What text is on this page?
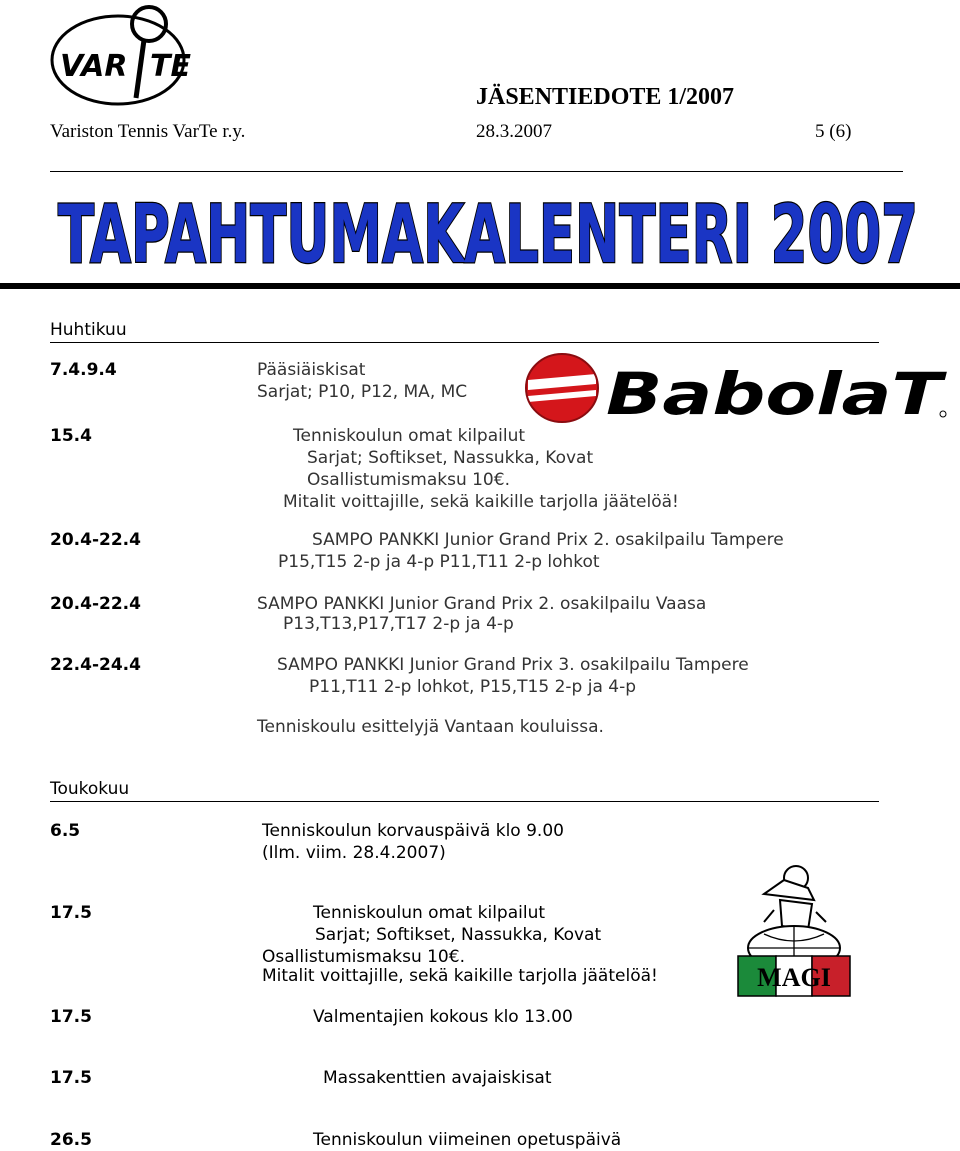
VAR TE
JÄSENTIEDOTE 1/2007
Variston Tennis VarTe r.y.	28.3.2007	5 (6)
TAPAHTUMAKALENTERI 2007
Huhtikuu
7.4.9.4	Pääsiäiskisat
Sarjat; P10, P12, MA, MC
15.4	Tenniskoulun omat kilpailut
Sarjat; Softikset, Nassukka, Kovat
Osallistumismaksu 10€.
Mitalit voittajille, sekä kaikille tarjolla jäätelöä!
20.4-22.4	SAMPO PANKKI Junior Grand Prix 2. osakilpailu Tampere
P15,T15 2-p ja 4-p P11,T11 2-p lohkot
20.4-22.4	SAMPO PANKKI Junior Grand Prix 2. osakilpailu Vaasa
P13,T13,P17,T17 2-p ja 4-p
22.4-24.4	SAMPO PANKKI Junior Grand Prix 3. osakilpailu Tampere
P11,T11 2-p lohkot, P15,T15 2-p ja 4-p
Tenniskoulu esittelyjä Vantaan kouluissa.
Toukokuu
6.5	Tenniskoulun korvauspäivä klo 9.00
(Ilm. viim. 28.4.2007)
17.5	Tenniskoulun omat kilpailut
Sarjat; Softikset, Nassukka, Kovat
Osallistumismaksu 10€.
Mitalit voittajille, sekä kaikille tarjolla jäätelöä!
17.5	Valmentajien kokous klo 13.00
17.5	Massakenttien avajaiskisat
26.5	Tenniskoulun viimeinen opetuspäivä
BabolaT
MAGI
